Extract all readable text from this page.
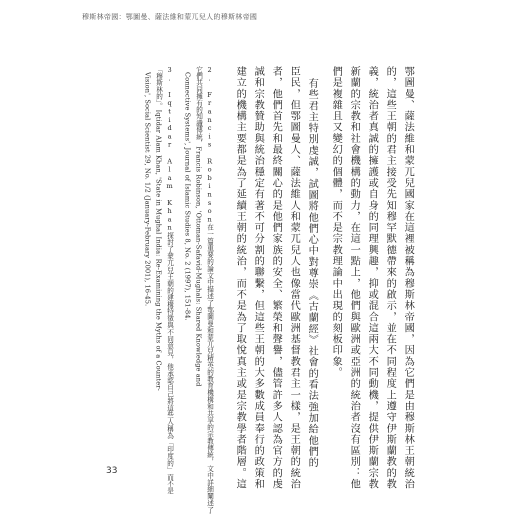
穆斯林帝國：鄂圖曼、薩法維和蒙兀兒人的穆斯林帝國
鄂圖曼、薩法維和蒙兀兒國家在這裡被稱為穆斯林帝國，因為它們是由穆斯林王朝統治
的，這些王朝的君主接受先知穆罕默德帶來的啟示，並在不同程度上遵守伊斯蘭教的教
義，統治者真誠的擁護或自身的同理興趣，抑或混合這兩大不同動機，提供伊斯蘭宗教
新蘭的宗教和社會機構的動力，在這一點上，他們與歐洲或亞洲的統治者沒有區別：他
們是複雜且又變幻的個體，而不是宗教理論中出現的刻板印象。
有些君主特別虔誠，試圖將他們心中對尊崇《古蘭經》社會的看法強加給他們的
臣民，但鄂圖曼人、薩法維人和蒙兀兒人也像當代歐洲基督教君主一樣，是王朝的統治
者，他們首先和最終關心的是他們家族的安全、繁榮和聲譽，儘管許多人認為官方的虔
誠和宗教贊助與統治穩定有著不可分割的聯繫，但這些王朝的大多數成員奉行的政策和
建立的機構主要都是為了延續王朝的統治，而不是為了取悅真主或是宗教學者階層。這
2. Francis Robinson在一篇重要的論文中描述了鄂圖曼和蒙兀兒精英的教育機構和共享的宗教傳統，文中詳細闡述了
它們共同擁有的知識傳統，Francis Robinson, 'Ottoman-Safavid-Mughals: Shared Knowledge and
Connective Systems', Journal of Islamic Studies 8, No. 2 (1997), 151-84.
3. Iqtidar Alam Khan探討了蒙兀兒王朝的建構特徵與不同意見，他承認自己將這些人稱為「印度的」而不是
「穆斯林的」。Iqtidar Alam Khan, 'State in Mughal India: Re-Examining the Myths of a Counter-
Vision', Social Scientist 29, No. 1/2 (January-February 2001), 16-45.
33
